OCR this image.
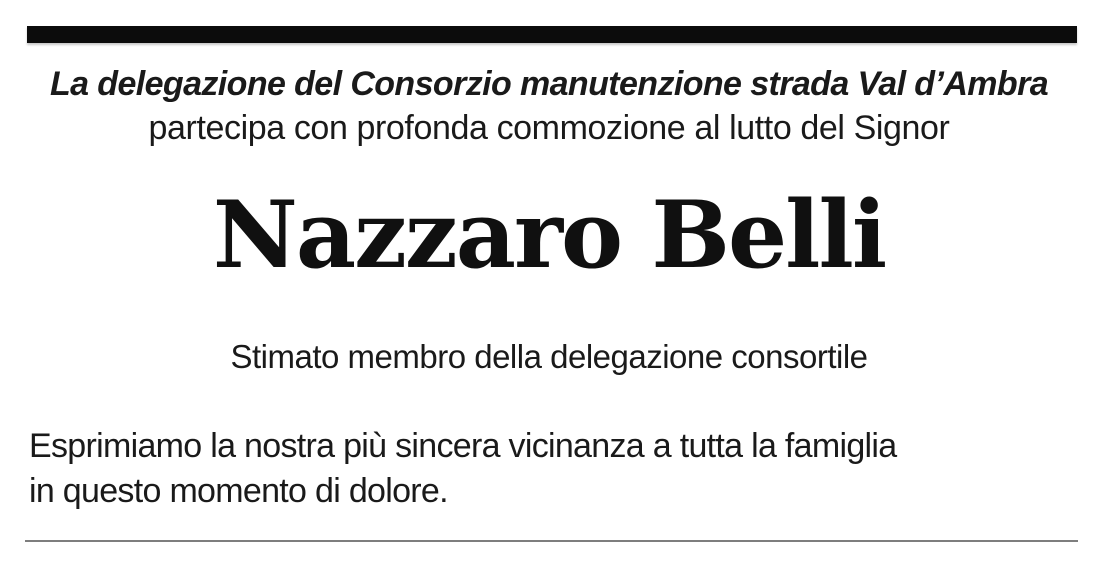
La delegazione del Consorzio manutenzione strada Val d’Ambra

partecipa con profonda commozione al lutto del Signor

Nazzaro Belli

Stimato membro della delegazione consortile

Esprimiamo la nostra più sincera vicinanza a tutta la famiglia

in questo momento di dolore.
